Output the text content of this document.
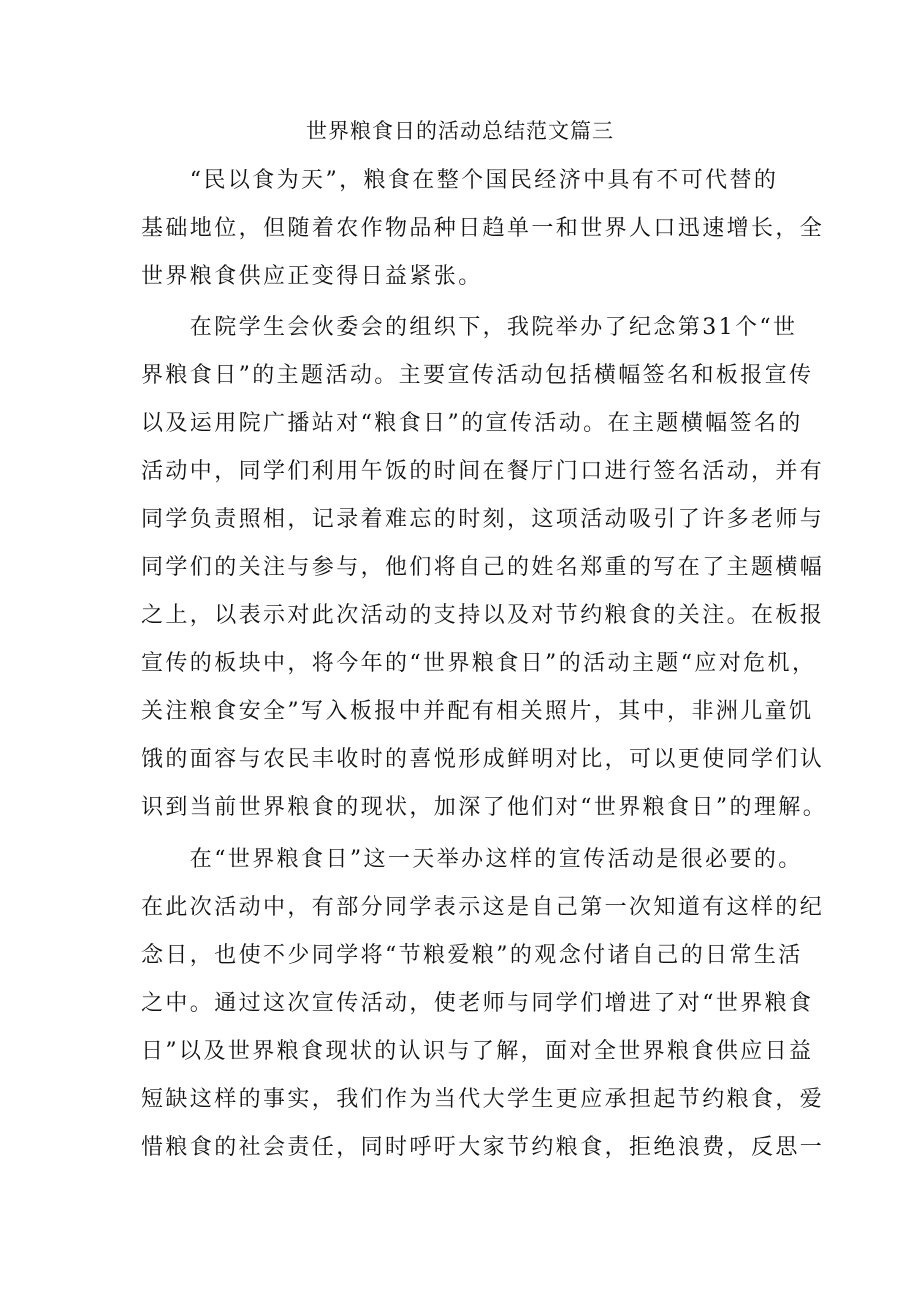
世界粮食日的活动总结范文篇三
　　“民以食为天”，粮食在整个国民经济中具有不可代替的
基础地位，但随着农作物品种日趋单一和世界人口迅速增长，全
世界粮食供应正变得日益紧张。
　　在院学生会伙委会的组织下，我院举办了纪念第31个“世
界粮食日”的主题活动。主要宣传活动包括横幅签名和板报宣传
以及运用院广播站对“粮食日”的宣传活动。在主题横幅签名的
活动中，同学们利用午饭的时间在餐厅门口进行签名活动，并有
同学负责照相，记录着难忘的时刻，这项活动吸引了许多老师与
同学们的关注与参与，他们将自己的姓名郑重的写在了主题横幅
之上，以表示对此次活动的支持以及对节约粮食的关注。在板报
宣传的板块中，将今年的“世界粮食日”的活动主题“应对危机，
关注粮食安全”写入板报中并配有相关照片，其中，非洲儿童饥
饿的面容与农民丰收时的喜悦形成鲜明对比，可以更使同学们认
识到当前世界粮食的现状，加深了他们对“世界粮食日”的理解。
　　在“世界粮食日”这一天举办这样的宣传活动是很必要的。
在此次活动中，有部分同学表示这是自己第一次知道有这样的纪
念日，也使不少同学将“节粮爱粮”的观念付诸自己的日常生活
之中。通过这次宣传活动，使老师与同学们增进了对“世界粮食
日”以及世界粮食现状的认识与了解，面对全世界粮食供应日益
短缺这样的事实，我们作为当代大学生更应承担起节约粮食，爱
惜粮食的社会责任，同时呼吁大家节约粮食，拒绝浪费，反思一
